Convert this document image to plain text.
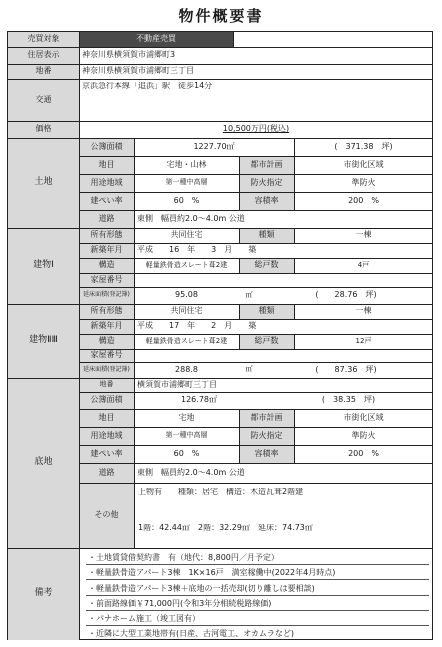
物件概要書
売買対象	不動産売買
住居表示	神奈川県横須賀市浦郷町3
地番	神奈川県横須賀市浦郷町三丁目
交通
京浜急行本線「追浜」駅　徒歩14分
価格	10,500万円(税込)
土地
公簿面積	1227.70㎡	(　371.38　坪)
地目	宅地・山林	都市計画	市街化区域
用途地域	第一種中高層	防火指定	準防火
建ぺい率	60　%	容積率	200　%
道路	東側　幅員約2.0～4.0m 公道
建物Ⅰ
所有形態	共同住宅	種類	一棟
新築年月	平成　　16　年　　3　月　　築
構造	軽量鉄骨造スレート葺2建	総戸数	4戸
家屋番号
延床面積(登記簿)	95.08	㎡	(　　28.76　坪)
建物ⅡⅢ
所有形態	共同住宅	種類	一棟
新築年月	平成　　17　年　　2　月　　築
構造	軽量鉄骨造スレート葺2建	総戸数	12戸
家屋番号
延床面積(登記簿)	288.8	㎡	(　　87.36　坪)
底地
地番	横須賀市浦郷町三丁目
公簿面積	126.78㎡	(　38.35　坪)
地目	宅地	都市計画	市街化区域
用途地域	第一種中高層	防火指定	準防火
建ぺい率	60　%	容積率	200　%
道路	東側　幅員約2.0～4.0m 公道
その他
上物有　　種類：居宅　構造：木造瓦葺2階建
1階：42.44㎡　2階：32.29㎡　延床：74.73㎡
備考
・土地賃貸借契約書　有（地代：8,800円／月予定）
・軽量鉄骨造アパート3棟　1K×16戸　満室稼働中(2022年4月時点)
・軽量鉄骨造アパート3棟＋底地の一括売却(切り離しは要相談)
・前面路線価￥71,000円(令和3年分相続税路線価)
・パナホーム施工（竣工図有）
・近隣に大型工業地帯有(日産、古河電工、オカムラなど)
